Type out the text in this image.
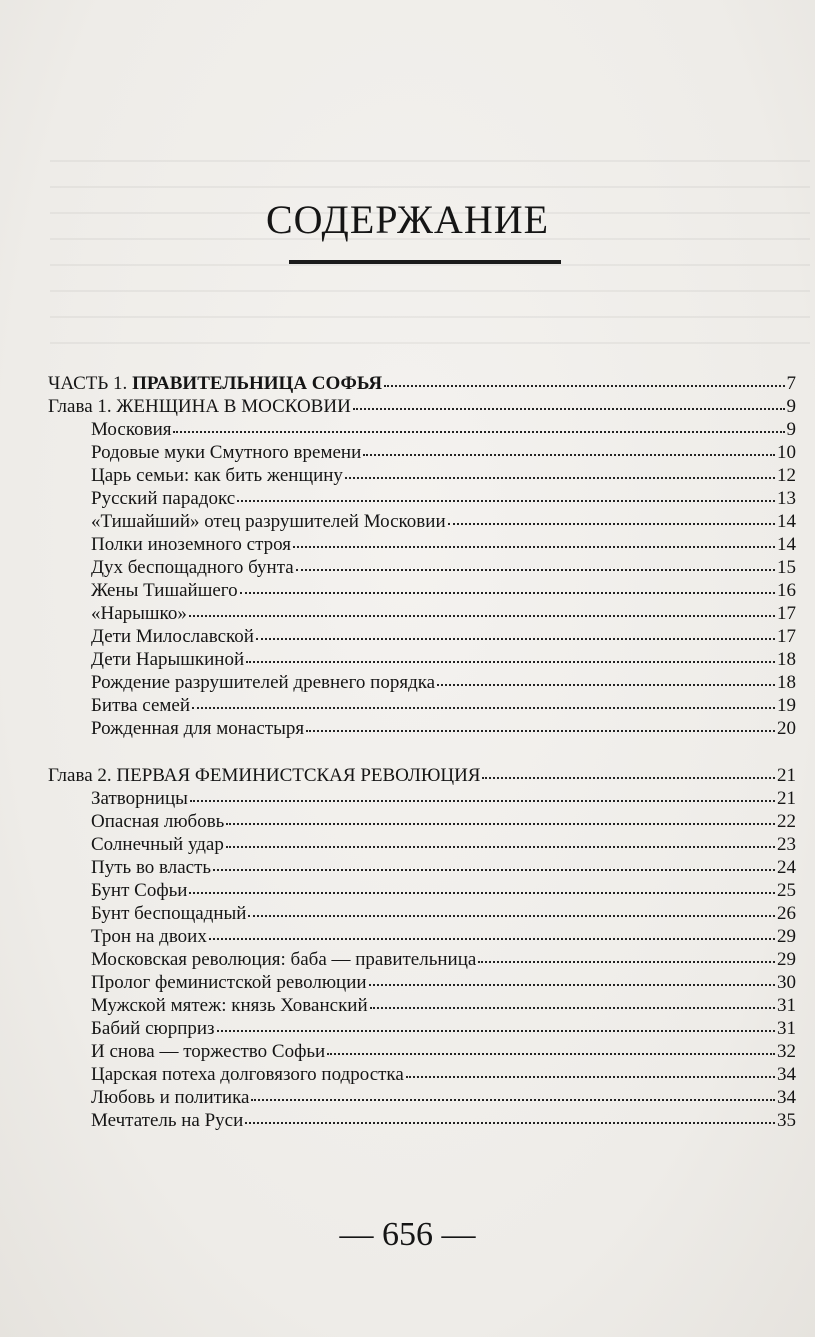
СОДЕРЖАНИЕ
ЧАСТЬ 1. ПРАВИТЕЛЬНИЦА СОФЬЯ	7
Глава 1. ЖЕНЩИНА В МОСКОВИИ	9
Московия	9
Родовые муки Смутного времени	10
Царь семьи: как бить женщину	12
Русский парадокс	13
«Тишайший» отец разрушителей Московии	14
Полки иноземного строя	14
Дух беспощадного бунта	15
Жены Тишайшего	16
«Нарышко»	17
Дети Милославской	17
Дети Нарышкиной	18
Рождение разрушителей древнего порядка	18
Битва семей	19
Рожденная для монастыря	20
Глава 2. ПЕРВАЯ ФЕМИНИСТСКАЯ РЕВОЛЮЦИЯ	21
Затворницы	21
Опасная любовь	22
Солнечный удар	23
Путь во власть	24
Бунт Софьи	25
Бунт беспощадный	26
Трон на двоих	29
Московская революция: баба — правительница	29
Пролог феминистской революции	30
Мужской мятеж: князь Хованский	31
Бабий сюрприз	31
И снова — торжество Софьи	32
Царская потеха долговязого подростка	34
Любовь и политика	34
Мечтатель на Руси	35
— 656 —
